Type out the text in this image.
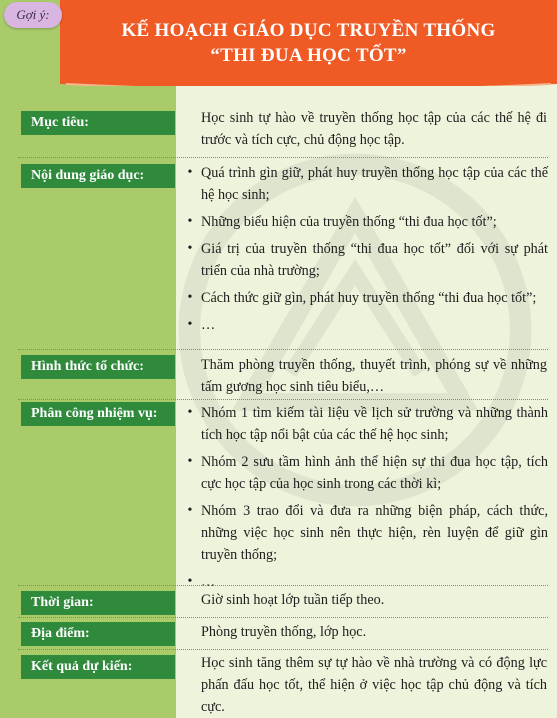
KẾ HOẠCH GIÁO DỤC TRUYỀN THỐNG
“THI ĐUA HỌC TỐT”
Gợi ý:
Mục tiêu:	Học sinh tự hào về truyền thống học tập của các thế hệ đi trước và tích cực, chủ động học tập.
Nội dung giáo dục:	• Quá trình gìn giữ, phát huy truyền thống học tập của các thế hệ học sinh;
• Những biểu hiện của truyền thống “thi đua học tốt”;
• Giá trị của truyền thống “thi đua học tốt” đối với sự phát triển của nhà trường;
• Cách thức giữ gìn, phát huy truyền thống “thi đua học tốt”;
• …
Hình thức tổ chức:	Thăm phòng truyền thống, thuyết trình, phóng sự về những tấm gương học sinh tiêu biểu,…
Phân công nhiệm vụ:	• Nhóm 1 tìm kiếm tài liệu về lịch sử trường và những thành tích học tập nổi bật của các thế hệ học sinh;
• Nhóm 2 sưu tầm hình ảnh thể hiện sự thi đua học tập, tích cực học tập của học sinh trong các thời kì;
• Nhóm 3 trao đổi và đưa ra những biện pháp, cách thức, những việc học sinh nên thực hiện, rèn luyện để giữ gìn truyền thống;
• …
Thời gian:	Giờ sinh hoạt lớp tuần tiếp theo.
Địa điểm:	Phòng truyền thống, lớp học.
Kết quả dự kiến:	Học sinh tăng thêm sự tự hào về nhà trường và có động lực phấn đấu học tốt, thể hiện ở việc học tập chủ động và tích cực.
